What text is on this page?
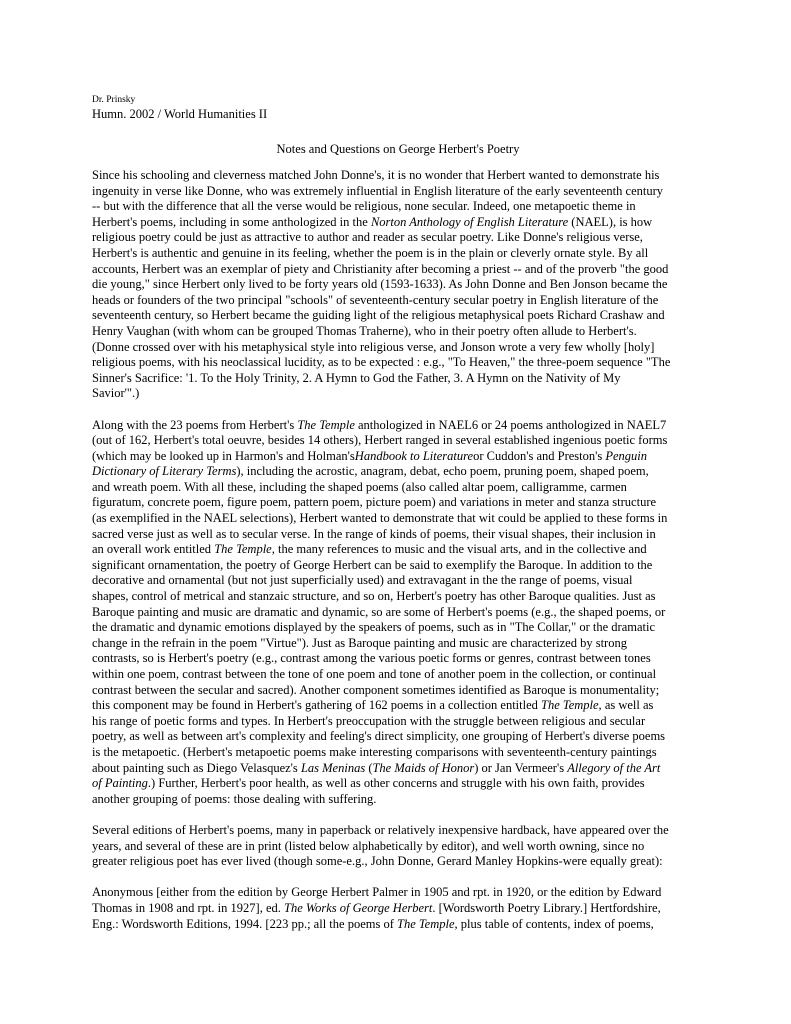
Dr. Prinsky

Humn. 2002 / World Humanities II

Notes and Questions on George Herbert's Poetry

Since his schooling and cleverness matched John Donne's, it is no wonder that Herbert wanted to demonstrate his
ingenuity in verse like Donne, who was extremely influential in English literature of the early seventeenth century
-- but with the difference that all the verse would be religious, none secular. Indeed, one metapoetic theme in
Herbert's poems, including in some anthologized in the Norton Anthology of English Literature (NAEL), is how
religious poetry could be just as attractive to author and reader as secular poetry. Like Donne's religious verse,
Herbert's is authentic and genuine in its feeling, whether the poem is in the plain or cleverly ornate style. By all
accounts, Herbert was an exemplar of piety and Christianity after becoming a priest -- and of the proverb "the good
die young," since Herbert only lived to be forty years old (1593-1633). As John Donne and Ben Jonson became the
heads or founders of the two principal "schools" of seventeenth-century secular poetry in English literature of the
seventeenth century, so Herbert became the guiding light of the religious metaphysical poets Richard Crashaw and
Henry Vaughan (with whom can be grouped Thomas Traherne), who in their poetry often allude to Herbert's.
(Donne crossed over with his metaphysical style into religious verse, and Jonson wrote a very few wholly [holy]
religious poems, with his neoclassical lucidity, as to be expected : e.g., "To Heaven," the three-poem sequence "The
Sinner's Sacrifice: '1. To the Holy Trinity, 2. A Hymn to God the Father, 3. A Hymn on the Nativity of My
Savior'".)

Along with the 23 poems from Herbert's The Temple anthologized in NAEL6 or 24 poems anthologized in NAEL7
(out of 162, Herbert's total oeuvre, besides 14 others), Herbert ranged in several established ingenious poetic forms
(which may be looked up in Harmon's and Holman'sHandbook to Literatureor Cuddon's and Preston's Penguin
Dictionary of Literary Terms), including the acrostic, anagram, debat, echo poem, pruning poem, shaped poem,
and wreath poem. With all these, including the shaped poems (also called altar poem, calligramme, carmen
figuratum, concrete poem, figure poem, pattern poem, picture poem) and variations in meter and stanza structure
(as exemplified in the NAEL selections), Herbert wanted to demonstrate that wit could be applied to these forms in
sacred verse just as well as to secular verse. In the range of kinds of poems, their visual shapes, their inclusion in
an overall work entitled The Temple, the many references to music and the visual arts, and in the collective and
significant ornamentation, the poetry of George Herbert can be said to exemplify the Baroque. In addition to the
decorative and ornamental (but not just superficially used) and extravagant in the the range of poems, visual
shapes, control of metrical and stanzaic structure, and so on, Herbert's poetry has other Baroque qualities. Just as
Baroque painting and music are dramatic and dynamic, so are some of Herbert's poems (e.g., the shaped poems, or
the dramatic and dynamic emotions displayed by the speakers of poems, such as in "The Collar," or the dramatic
change in the refrain in the poem "Virtue"). Just as Baroque painting and music are characterized by strong
contrasts, so is Herbert's poetry (e.g., contrast among the various poetic forms or genres, contrast between tones
within one poem, contrast between the tone of one poem and tone of another poem in the collection, or continual
contrast between the secular and sacred). Another component sometimes identified as Baroque is monumentality;
this component may be found in Herbert's gathering of 162 poems in a collection entitled The Temple, as well as
his range of poetic forms and types. In Herbert's preoccupation with the struggle between religious and secular
poetry, as well as between art's complexity and feeling's direct simplicity, one grouping of Herbert's diverse poems
is the metapoetic. (Herbert's metapoetic poems make interesting comparisons with seventeenth-century paintings
about painting such as Diego Velasquez's Las Meninas (The Maids of Honor) or Jan Vermeer's Allegory of the Art
of Painting.) Further, Herbert's poor health, as well as other concerns and struggle with his own faith, provides
another grouping of poems: those dealing with suffering.

Several editions of Herbert's poems, many in paperback or relatively inexpensive hardback, have appeared over the
years, and several of these are in print (listed below alphabetically by editor), and well worth owning, since no
greater religious poet has ever lived (though some-e.g., John Donne, Gerard Manley Hopkins-were equally great):

Anonymous [either from the edition by George Herbert Palmer in 1905 and rpt. in 1920, or the edition by Edward
Thomas in 1908 and rpt. in 1927], ed. The Works of George Herbert. [Wordsworth Poetry Library.] Hertfordshire,
Eng.: Wordsworth Editions, 1994. [223 pp.; all the poems of The Temple, plus table of contents, index of poems,
